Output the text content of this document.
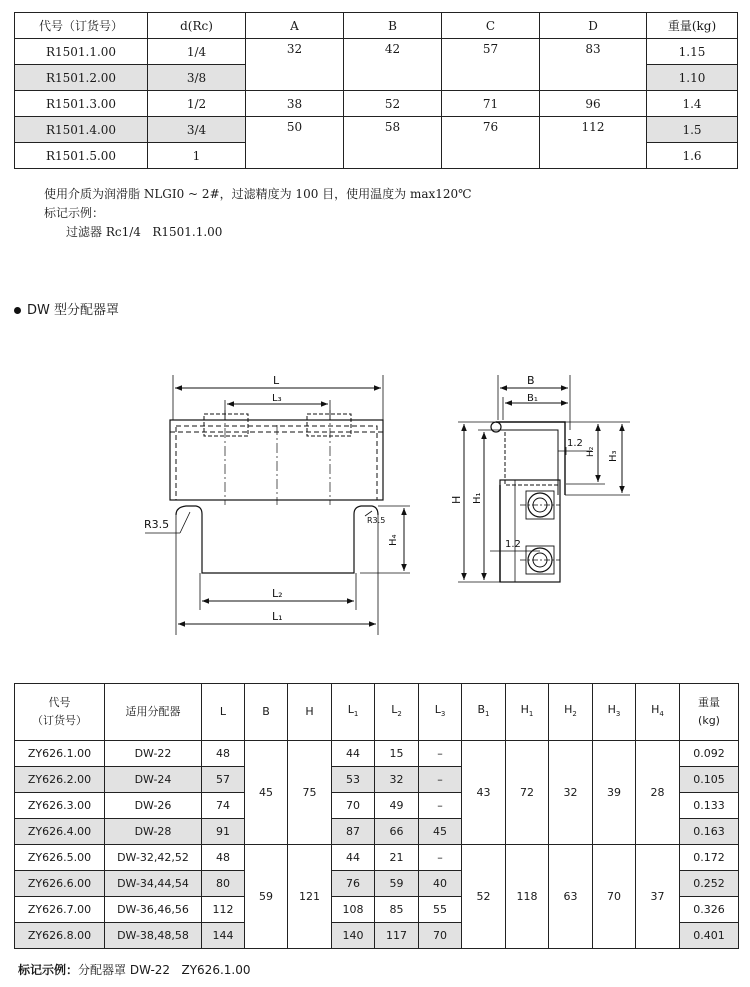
代号（订货号）	d(Rc)	A	B	C	D	重量(kg)
R1501.1.00	1/4	32	42	57	83	1.15
R1501.2.00	3/8					1.10
R1501.3.00	1/2	38	52	71	96	1.4
R1501.4.00	3/4	50	58	76	112	1.5
R1501.5.00	1					1.6
使用介质为润滑脂 NLGI0 ~ 2#，过滤精度为 100 目，使用温度为 max120℃
标记示例：
过滤器 Rc1/4   R1501.1.00
DW 型分配器罩
L
L₃
L₂
L₁
R3.5	R3.5
H₄
B
B₁
1.2
1.2
H H₁
H₂ H₃
代号
（订货号）	适用分配器	L	B	H	$L_1$	$L_2$	$L_3$	$B_1$	$H_1$	$H_2$	$H_3$	$H_4$	重量
(kg)
ZY626.1.00	DW-22	48	45	75	44	15	–	43	72	32	39	28	0.092
ZY626.2.00	DW-24	57			53	32	–						0.105
ZY626.3.00	DW-26	74			70	49	–						0.133
ZY626.4.00	DW-28	91			87	66	45						0.163
ZY626.5.00	DW-32,42,52	48	59	121	44	21	–	52	118	63	70	37	0.172
ZY626.6.00	DW-34,44,54	80			76	59	40						0.252
ZY626.7.00	DW-36,46,56	112			108	85	55						0.326
ZY626.8.00	DW-38,48,58	144			140	117	70						0.401
标记示例：分配器罩 DW-22   ZY626.1.00
